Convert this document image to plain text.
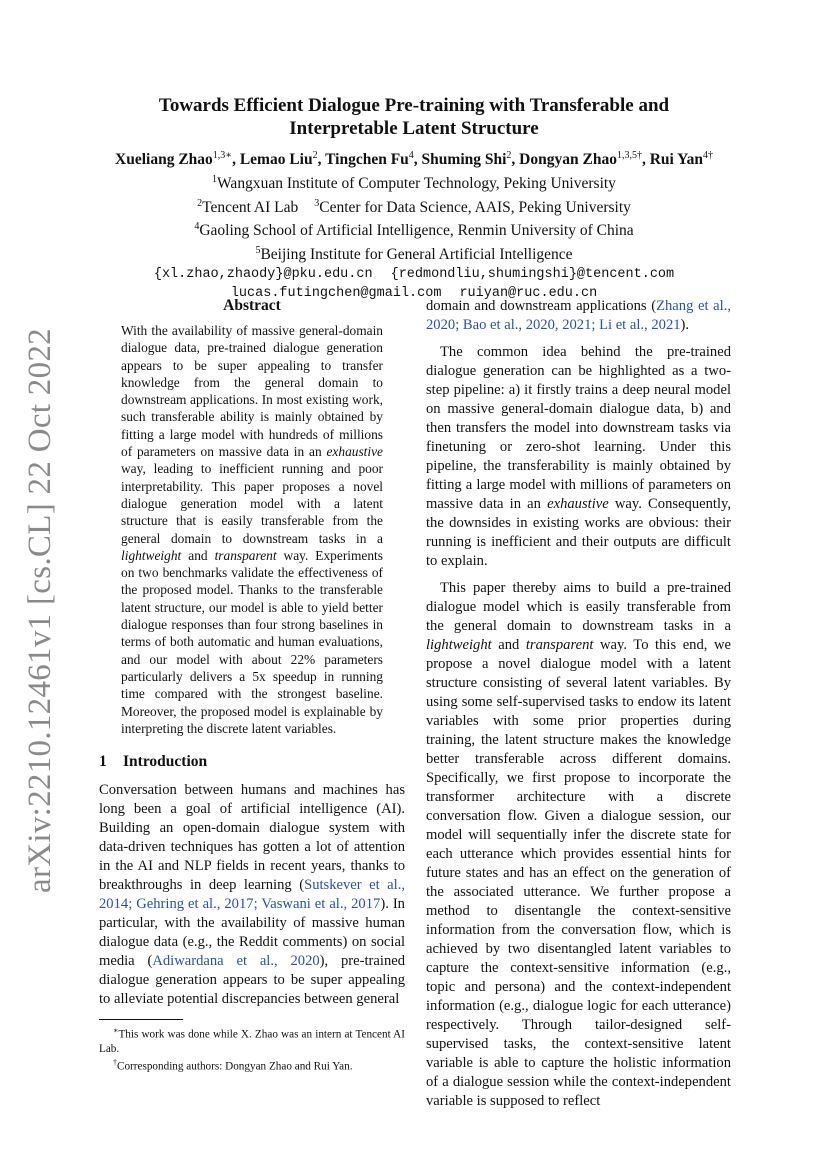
arXiv:2210.12461v1 [cs.CL] 22 Oct 2022
Towards Efficient Dialogue Pre-training with Transferable and
Interpretable Latent Structure
Xueliang Zhao$^{1,3∗}$, Lemao Liu$^2$, Tingchen Fu$^4$, Shuming Shi$^2$, Dongyan Zhao$^{1,3,5\dagger}$, Rui Yan$^{4\dagger}$
$^1$Wangxuan Institute of Computer Technology, Peking University
$^2$Tencent AI Lab $^3$Center for Data Science, AAIS, Peking University
$^4$Gaoling School of Artificial Intelligence, Renmin University of China
$^5$Beijing Institute for General Artificial Intelligence
{xl.zhao,zhaody}@pku.edu.cn {redmondliu,shumingshi}@tencent.com
lucas.futingchen@gmail.com ruiyan@ruc.edu.cn
Abstract
With the availability of massive general-domain dialogue data, pre-trained dialogue generation appears to be super appealing to transfer knowledge from the general domain to downstream applications. In most existing work, such transferable ability is mainly obtained by fitting a large model with hundreds of millions of parameters on massive data in an exhaustive way, leading to inefficient running and poor interpretability. This paper proposes a novel dialogue generation model with a latent structure that is easily transferable from the general domain to downstream tasks in a lightweight and transparent way. Experiments on two benchmarks validate the effectiveness of the proposed model. Thanks to the transferable latent structure, our model is able to yield better dialogue responses than four strong baselines in terms of both automatic and human evaluations, and our model with about 22% parameters particularly delivers a 5x speedup in running time compared with the strongest baseline. Moreover, the proposed model is explainable by interpreting the discrete latent variables.
1 Introduction

Conversation between humans and machines has long been a goal of artificial intelligence (AI). Building an open-domain dialogue system with data-driven techniques has gotten a lot of attention in the AI and NLP fields in recent years, thanks to breakthroughs in deep learning (Sutskever et al., 2014; Gehring et al., 2017; Vaswani et al., 2017). In particular, with the availability of massive human dialogue data (e.g., the Reddit comments) on social media (Adiwardana et al., 2020), pre-trained dialogue generation appears to be super appealing to alleviate potential discrepancies between general

∗This work was done while X. Zhao was an intern at Tencent AI Lab.

†Corresponding authors: Dongyan Zhao and Rui Yan.

domain and downstream applications (Zhang et al., 2020; Bao et al., 2020, 2021; Li et al., 2021).

The common idea behind the pre-trained dialogue generation can be highlighted as a two-step pipeline: a) it firstly trains a deep neural model on massive general-domain dialogue data, b) and then transfers the model into downstream tasks via finetuning or zero-shot learning. Under this pipeline, the transferability is mainly obtained by fitting a large model with millions of parameters on massive data in an exhaustive way. Consequently, the downsides in existing works are obvious: their running is inefficient and their outputs are difficult to explain.

This paper thereby aims to build a pre-trained dialogue model which is easily transferable from the general domain to downstream tasks in a lightweight and transparent way. To this end, we propose a novel dialogue model with a latent structure consisting of several latent variables. By using some self-supervised tasks to endow its latent variables with some prior properties during training, the latent structure makes the knowledge better transferable across different domains. Specifically, we first propose to incorporate the transformer architecture with a discrete conversation flow. Given a dialogue session, our model will sequentially infer the discrete state for each utterance which provides essential hints for future states and has an effect on the generation of the associated utterance. We further propose a method to disentangle the context-sensitive information from the conversation flow, which is achieved by two disentangled latent variables to capture the context-sensitive information (e.g., topic and persona) and the context-independent information (e.g., dialogue logic for each utterance) respectively. Through tailor-designed self-supervised tasks, the context-sensitive latent variable is able to capture the holistic information of a dialogue session while the context-independent variable is supposed to reflect
